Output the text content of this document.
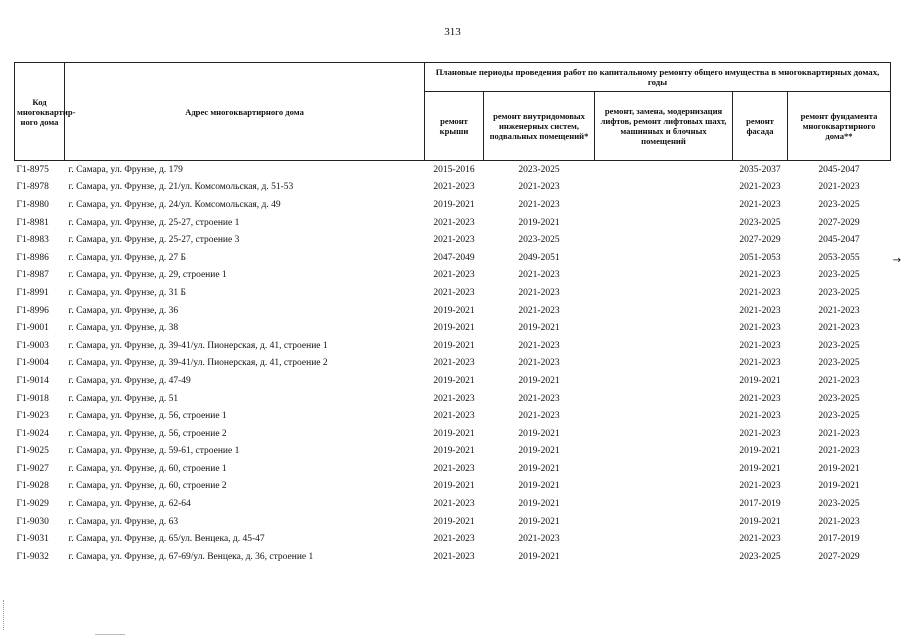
313
Код многоквартир-ного дома	Адрес многоквартирного дома	Плановые периоды проведения работ по капитальному ремонту общего имущества в многоквартирных домах, годы				
		ремонт крыши	ремонт внутридомовых инженерных систем, подвальных помещений*	ремонт, замена, модернизация лифтов, ремонт лифтовых шахт, машинных и блочных помещений	ремонт фасада	ремонт фундамента многоквартирного дома**
Г1-8975	г. Самара, ул. Фрунзе, д. 179	2015-2016	2023-2025		2035-2037	2045-2047
Г1-8978	г. Самара, ул. Фрунзе, д. 21/ул. Комсомольская, д. 51-53	2021-2023	2021-2023		2021-2023	2021-2023
Г1-8980	г. Самара, ул. Фрунзе, д. 24/ул. Комсомольская, д. 49	2019-2021	2021-2023		2021-2023	2023-2025
Г1-8981	г. Самара, ул. Фрунзе, д. 25-27, строение 1	2021-2023	2019-2021		2023-2025	2027-2029
Г1-8983	г. Самара, ул. Фрунзе, д. 25-27, строение 3	2021-2023	2023-2025		2027-2029	2045-2047
Г1-8986	г. Самара, ул. Фрунзе, д. 27 Б	2047-2049	2049-2051		2051-2053	2053-2055
Г1-8987	г. Самара, ул. Фрунзе, д. 29, строение 1	2021-2023	2021-2023		2021-2023	2023-2025
Г1-8991	г. Самара, ул. Фрунзе, д. 31 Б	2021-2023	2021-2023		2021-2023	2023-2025
Г1-8996	г. Самара, ул. Фрунзе, д. 36	2019-2021	2021-2023		2021-2023	2021-2023
Г1-9001	г. Самара, ул. Фрунзе, д. 38	2019-2021	2019-2021		2021-2023	2021-2023
Г1-9003	г. Самара, ул. Фрунзе, д. 39-41/ул. Пионерская, д. 41, строение 1	2019-2021	2021-2023		2021-2023	2023-2025
Г1-9004	г. Самара, ул. Фрунзе, д. 39-41/ул. Пионерская, д. 41, строение 2	2021-2023	2021-2023		2021-2023	2023-2025
Г1-9014	г. Самара, ул. Фрунзе, д. 47-49	2019-2021	2019-2021		2019-2021	2021-2023
Г1-9018	г. Самара, ул. Фрунзе, д. 51	2021-2023	2021-2023		2021-2023	2023-2025
Г1-9023	г. Самара, ул. Фрунзе, д. 56, строение 1	2021-2023	2021-2023		2021-2023	2023-2025
Г1-9024	г. Самара, ул. Фрунзе, д. 56, строение 2	2019-2021	2019-2021		2021-2023	2021-2023
Г1-9025	г. Самара, ул. Фрунзе, д. 59-61, строение 1	2019-2021	2019-2021		2019-2021	2021-2023
Г1-9027	г. Самара, ул. Фрунзе, д. 60, строение 1	2021-2023	2019-2021		2019-2021	2019-2021
Г1-9028	г. Самара, ул. Фрунзе, д. 60, строение 2	2019-2021	2019-2021		2021-2023	2019-2021
Г1-9029	г. Самара, ул. Фрунзе, д. 62-64	2021-2023	2019-2021		2017-2019	2023-2025
Г1-9030	г. Самара, ул. Фрунзе, д. 63	2019-2021	2019-2021		2019-2021	2021-2023
Г1-9031	г. Самара, ул. Фрунзе, д. 65/ул. Венцека, д. 45-47	2021-2023	2021-2023		2021-2023	2017-2019
Г1-9032	г. Самара, ул. Фрунзе, д. 67-69/ул. Венцека, д. 36, строение 1	2021-2023	2019-2021		2023-2025	2027-2029
→
